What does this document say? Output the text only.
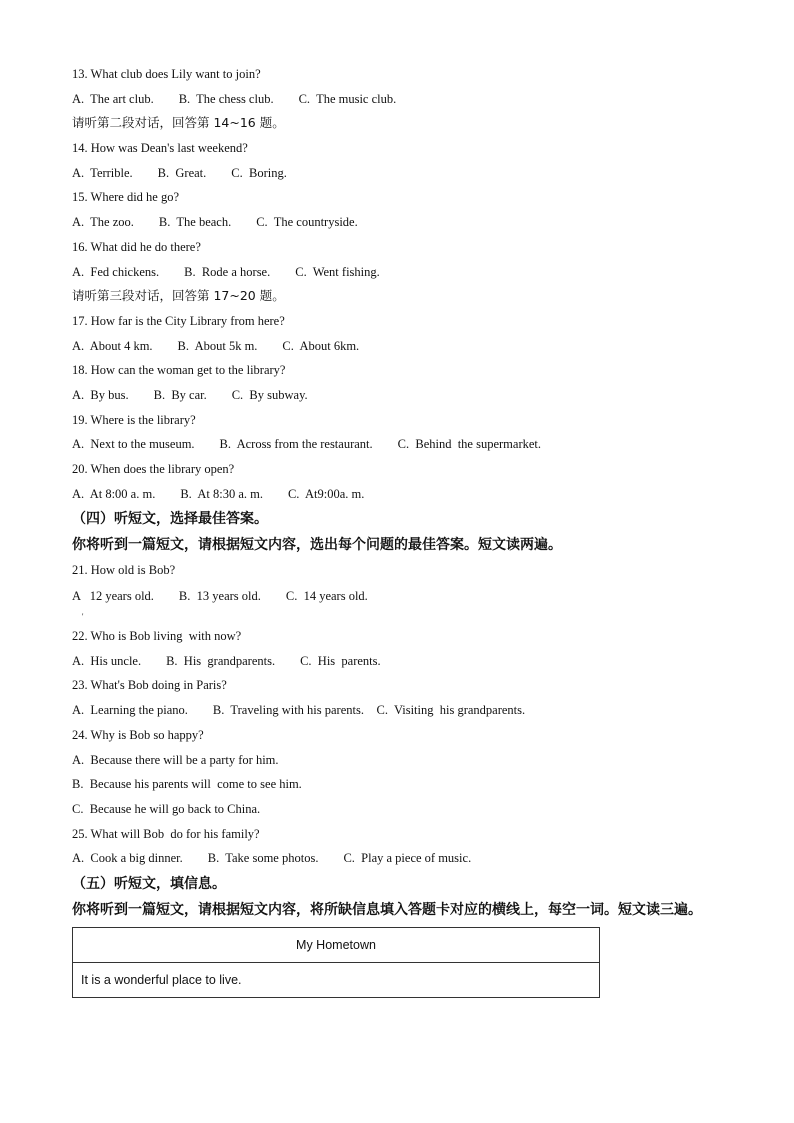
13. What club does Lily want to join?
A.  The art club.        B.  The chess club.        C.  The music club.
请听第二段对话，回答第 14~16 题。
14. How was Dean's last weekend?
A.  Terrible.        B.  Great.        C.  Boring.
15. Where did he go?
A.  The zoo.        B.  The beach.        C.  The countryside.
16. What did he do there?
A.  Fed chickens.        B.  Rode a horse.        C.  Went fishing.
请听第三段对话，回答第 17~20 题。
17. How far is the City Library from here?
A.  About 4 km.        B.  About 5k m.        C.  About 6km.
18. How can the woman get to the library?
A.  By bus.        B.  By car.        C.  By subway.
19. Where is the library?
A.  Next to the museum.        B.  Across from the restaurant.        C.  Behind  the supermarket.
20. When does the library open?
A.  At 8:00 a. m.        B.  At 8:30 a. m.        C.  At9:00a. m.
（四）听短文，选择最佳答案。
你将听到一篇短文，请根据短文内容，选出每个问题的最佳答案。短文读两遍。
21. How old is Bob?
A   12 years old.        B.  13 years old.        C.  14 years old.
'
22. Who is Bob living  with now?
A.  His uncle.        B.  His  grandparents.        C.  His  parents.
23. What's Bob doing in Paris?
A.  Learning the piano.        B.  Traveling with his parents.    C.  Visiting  his grandparents.
24. Why is Bob so happy?
A.  Because there will be a party for him.
B.  Because his parents will  come to see him.
C.  Because he will go back to China.
25. What will Bob  do for his family?
A.  Cook a big dinner.        B.  Take some photos.        C.  Play a piece of music.
（五）听短文，填信息。
你将听到一篇短文，请根据短文内容，将所缺信息填入答题卡对应的横线上，每空一词。短文读三遍。
My Hometown
It is a wonderful place to live.
